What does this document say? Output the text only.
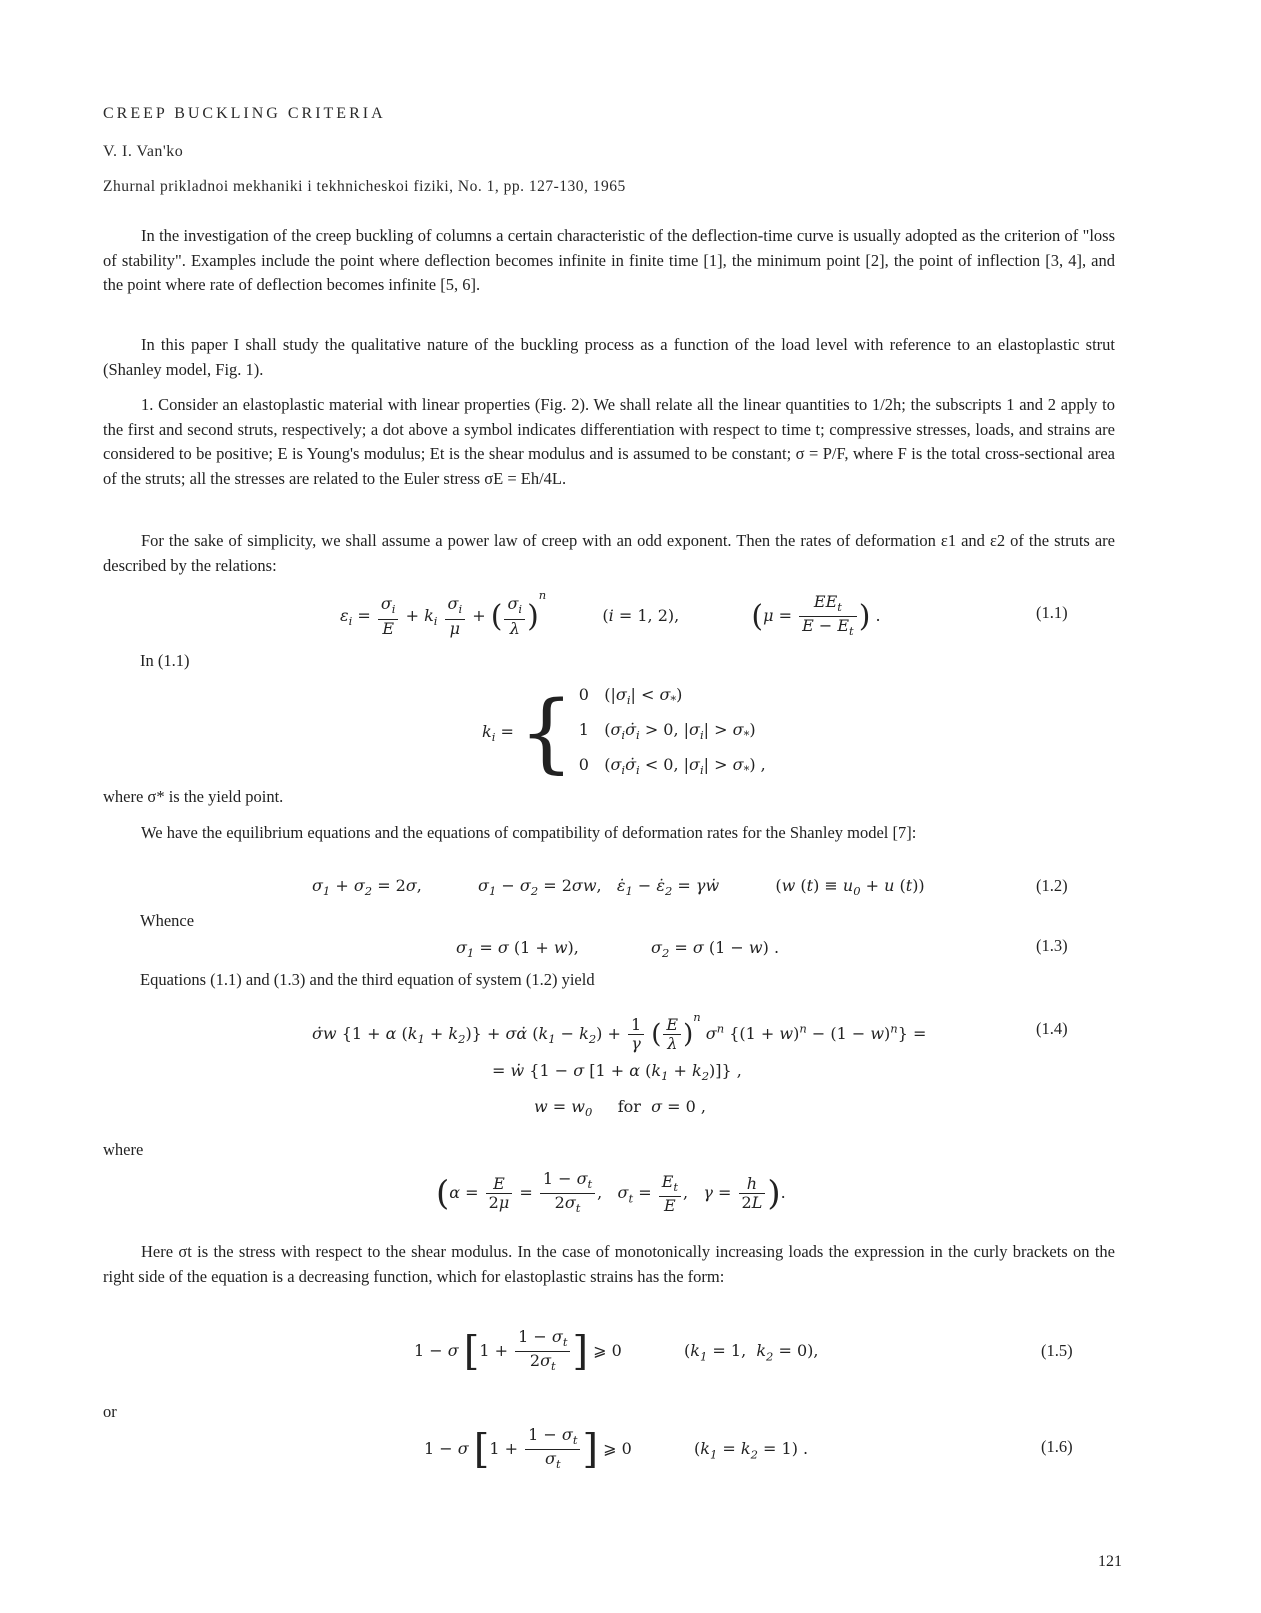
CREEP BUCKLING CRITERIA
V. I. Van'ko
Zhurnal prikladnoi mekhaniki i tekhnicheskoi fiziki, No. 1, pp. 127-130, 1965
In the investigation of the creep buckling of columns a certain characteristic of the deflection-time curve is usually adopted as the criterion of "loss of stability". Examples include the point where deflection becomes infinite in finite time [1], the minimum point [2], the point of inflection [3, 4], and the point where rate of deflection becomes infinite [5, 6].
In this paper I shall study the qualitative nature of the buckling process as a function of the load level with reference to an elastoplastic strut (Shanley model, Fig. 1).
1. Consider an elastoplastic material with linear properties (Fig. 2). We shall relate all the linear quantities to 1/2h; the subscripts 1 and 2 apply to the first and second struts, respectively; a dot above a symbol indicates differentiation with respect to time t; compressive stresses, loads, and strains are considered to be positive; E is Young's modulus; Et is the shear modulus and is assumed to be constant; σ = P/F, where F is the total cross-sectional area of the struts; all the stresses are related to the Euler stress σE = Eh/4L.
For the sake of simplicity, we shall assume a power law of creep with an odd exponent. Then the rates of deformation ε1 and ε2 of the struts are described by the relations:
$\varepsilon_i = \frac{\sigma_i}{E} + k_i \frac{\sigma_i}{\mu}$ + ( $\frac{\sigma_i}{\lambda} )^n$  (i = 1, 2), ($\mu = \frac{EE_t}{E - E_t}$ ) .	(1.1)
In (1.1)
$k_i$ = { 0 $(|\sigma_i| < \sigma_*)$
1 ($\sigma_i\sigmȧ_i > 0$, $|\sigma_i| > \sigma_*$)
0 ($\sigma_i\sigmȧ_i < 0$, $|\sigma_i| > \sigma_*$) ,
where σ* is the yield point.
We have the equilibrium equations and the equations of compatibility of deformation rates for the Shanley model [7]:
$\sigma_1 + \sigma_2 = 2\sigma$,	$\sigma_1 - \sigma_2 = 2\sigma w$,   $\varepsiloṅ_1$ − $\varepsiloṅ_2$ = γẇ	(w $(t) \equiv u_0 + u$ (t))	(1.2)
Whence
$\sigma_1 = \sigma$ (1 + w),	$\sigma_2 = \sigma$ (1 − w) .	(1.3)
Equations (1.1) and (1.3) and the third equation of system (1.2) yield
σ̇w {1 + α $(k_1 + k_2)$} + σα̇ $(k_1 - k_2) + \frac{1}{\gamma}$ ( $\frac{E}{\lambda} )^n$ $\sigma^n$ $\{(1 + w)^n - (1 - w)^n\}$ =
= ẇ {1 − σ [1 + α $(k_1 + k_2)$]} ,
$w = w_0$ for  σ = 0 ,
(1.4)
where
($\alpha = \frac{E}{2\mu} = \frac{1 - \sigma_t}{2\sigma_t}$ ,   $\sigma_t = \frac{E_t}{E}$ ,   $\gamma = \frac{h}{2L}$ ).
Here σt is the stress with respect to the shear modulus. In the case of monotonically increasing loads the expression in the curly brackets on the right side of the equation is a decreasing function, which for elastoplastic strains has the form:
1 − σ [$1 + \frac{1 - \sigma_t}{2\sigma_t}$ ] ⩾ 0	($k_1 = 1$,  $k_2 = 0$),	(1.5)
or
1 − σ [$1 + \frac{1 - \sigma_t}{\sigma_t}$ ] ⩾ 0	$(k_1 = k_2 = 1)$ .	(1.6)
121
